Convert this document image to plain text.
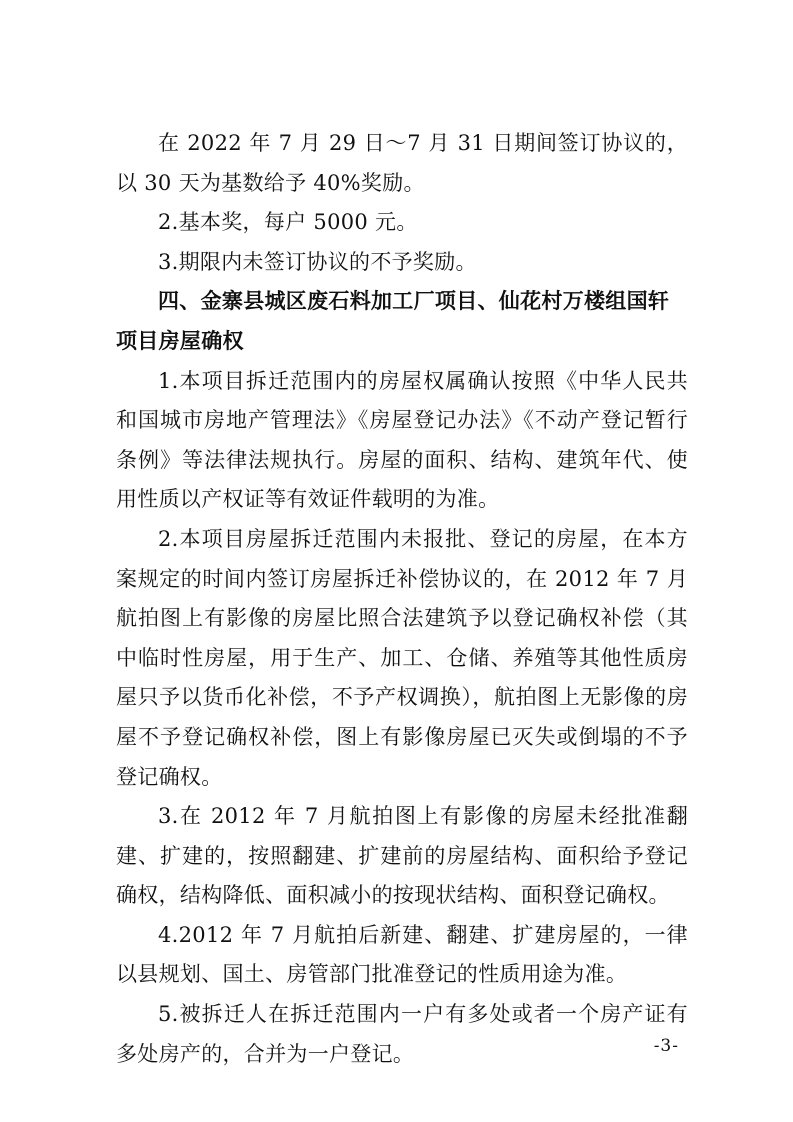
在 2022 年 7 月 29 日～7 月 31 日期间签订协议的，以 30 天为基数给予 40%奖励。

2.基本奖，每户 5000 元。

3.期限内未签订协议的不予奖励。

四、金寨县城区废石料加工厂项目、仙花村万楼组国轩项目房屋确权

1.本项目拆迁范围内的房屋权属确认按照《中华人民共和国城市房地产管理法》《房屋登记办法》《不动产登记暂行条例》等法律法规执行。房屋的面积、结构、建筑年代、使用性质以产权证等有效证件载明的为准。

2.本项目房屋拆迁范围内未报批、登记的房屋，在本方案规定的时间内签订房屋拆迁补偿协议的，在 2012 年 7 月航拍图上有影像的房屋比照合法建筑予以登记确权补偿（其中临时性房屋，用于生产、加工、仓储、养殖等其他性质房屋只予以货币化补偿，不予产权调换），航拍图上无影像的房屋不予登记确权补偿，图上有影像房屋已灭失或倒塌的不予登记确权。

3.在 2012 年 7 月航拍图上有影像的房屋未经批准翻建、扩建的，按照翻建、扩建前的房屋结构、面积给予登记确权，结构降低、面积减小的按现状结构、面积登记确权。

4.2012 年 7 月航拍后新建、翻建、扩建房屋的，一律以县规划、国土、房管部门批准登记的性质用途为准。

5.被拆迁人在拆迁范围内一户有多处或者一个房产证有多处房产的，合并为一户登记。	-3-
